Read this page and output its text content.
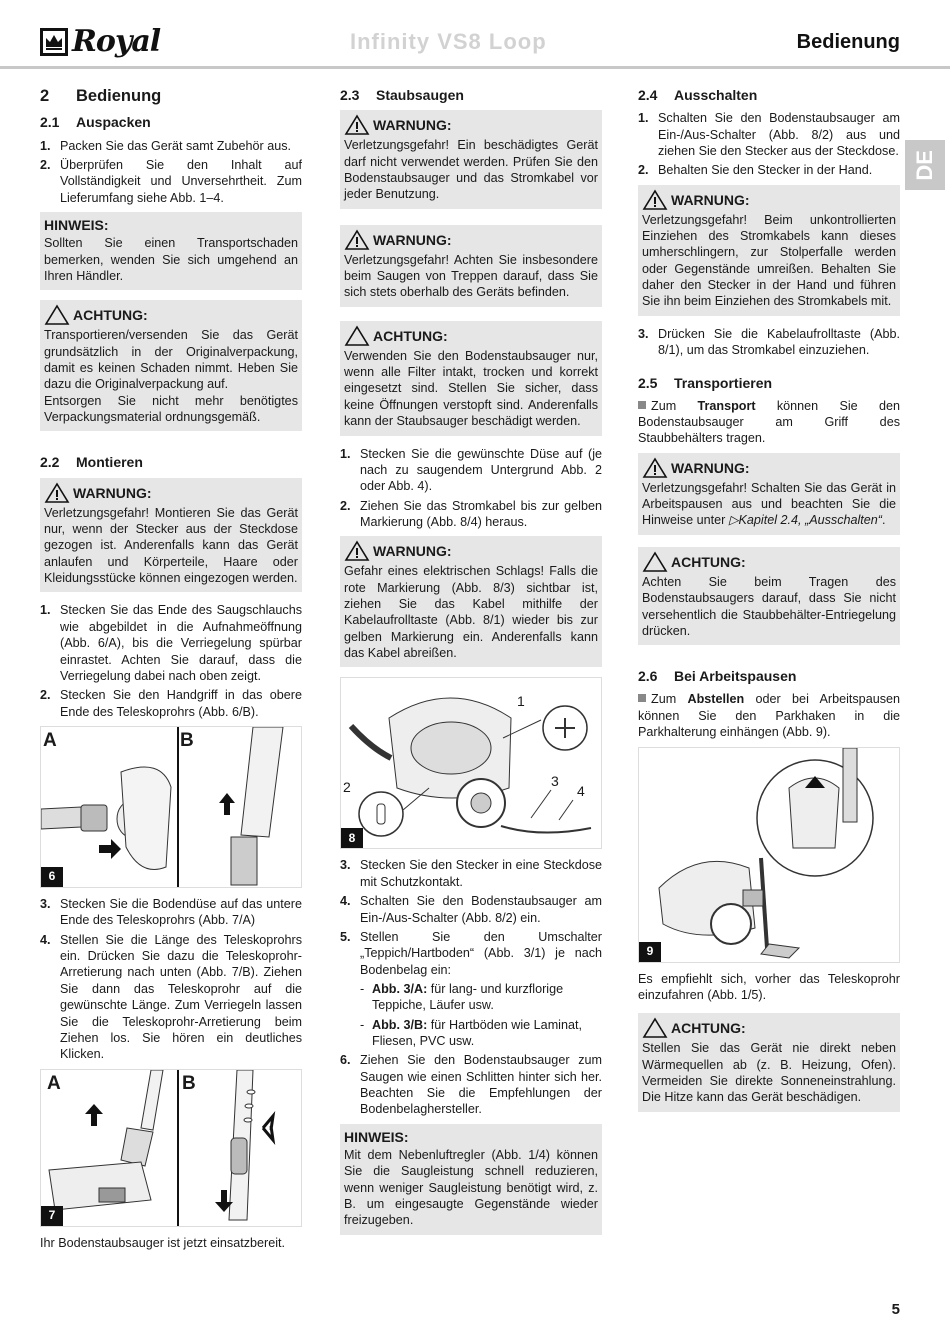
Royal	Infinity VS8 Loop	Bedienung
DE
2	Bedienung
2.1	Auspacken
1. Packen Sie das Gerät samt Zubehör aus.
2. Überprüfen Sie den Inhalt auf Vollständigkeit und Unversehrtheit. Zum Lieferumfang siehe Abb. 1–4.
HINWEIS:
Sollten Sie einen Transportschaden bemerken, wenden Sie sich umgehend an Ihren Händler.
ACHTUNG:
Transportieren/versenden Sie das Gerät grundsätzlich in der Originalverpackung, damit es keinen Schaden nimmt. Heben Sie dazu die Originalverpackung auf.
Entsorgen Sie nicht mehr benötigtes Verpackungsmaterial ordnungsgemäß.
2.2	Montieren
WARNUNG:
Verletzungsgefahr! Montieren Sie das Gerät nur, wenn der Stecker aus der Steckdose gezogen ist. Anderenfalls kann das Gerät anlaufen und Körperteile, Haare oder Kleidungsstücke können eingezogen werden.
1. Stecken Sie das Ende des Saugschlauchs wie abgebildet in die Aufnahmeöffnung (Abb. 6/A), bis die Verriegelung spürbar einrastet. Achten Sie darauf, dass die Verriegelung dabei nach oben zeigt.
2. Stecken Sie den Handgriff in das obere Ende des Teleskoprohrs (Abb. 6/B).
A	B
6
3. Stecken Sie die Bodendüse auf das untere Ende des Teleskoprohrs (Abb. 7/A)
4. Stellen Sie die Länge des Teleskoprohrs ein. Drücken Sie dazu die Teleskoprohr-Arretierung nach unten (Abb. 7/B). Ziehen Sie dann das Teleskoprohr auf die gewünschte Länge. Zum Verriegeln lassen Sie die Teleskoprohr-Arretierung beim Ziehen los. Sie hören ein deutliches Klicken.
A	B
7

Ihr Bodenstaubsauger ist jetzt einsatzbereit.

2.3	Staubsaugen
WARNUNG:
Verletzungsgefahr! Ein beschädigtes Gerät darf nicht verwendet werden. Prüfen Sie den Bodenstaubsauger und das Stromkabel vor jeder Benutzung.
WARNUNG:
Verletzungsgefahr! Achten Sie insbesondere beim Saugen von Treppen darauf, dass Sie sich stets oberhalb des Geräts befinden.
ACHTUNG:
Verwenden Sie den Bodenstaubsauger nur, wenn alle Filter intakt, trocken und korrekt eingesetzt sind. Stellen Sie sicher, dass keine Öffnungen verstopft sind. Anderenfalls kann der Staubsauger beschädigt werden.
1. Stecken Sie die gewünschte Düse auf (je nach zu saugendem Untergrund Abb. 2 oder Abb. 4).
2. Ziehen Sie das Stromkabel bis zur gelben Markierung (Abb. 8/4) heraus.
WARNUNG:
Gefahr eines elektrischen Schlags! Falls die rote Markierung (Abb. 8/3) sichtbar ist, ziehen Sie das Kabel mithilfe der Kabelaufrolltaste (Abb. 8/1) wieder bis zur gelben Markierung ein. Anderenfalls kann das Kabel abreißen.
1
2	3
4
8
3. Stecken Sie den Stecker in eine Steckdose mit Schutzkontakt.
4. Schalten Sie den Bodenstaubsauger am Ein-/Aus-Schalter (Abb. 8/2) ein.
5. Stellen Sie den Umschalter „Teppich/Hartboden“ (Abb. 3/1) je nach Bodenbelag ein:
- Abb. 3/A: für lang- und kurzflorige Teppiche, Läufer usw.
- Abb. 3/B: für Hartböden wie Laminat, Fliesen, PVC usw.
6. Ziehen Sie den Bodenstaubsauger zum Saugen wie einen Schlitten hinter sich her. Beachten Sie die Empfehlungen der Bodenbelaghersteller.
HINWEIS:
Mit dem Nebenluftregler (Abb. 1/4) können Sie die Saugleistung schnell reduzieren, wenn weniger Saugleistung benötigt wird, z. B. um eingesaugte Gegenstände wieder freizugeben.
2.4	Ausschalten
1. Schalten Sie den Bodenstaubsauger am Ein-/Aus-Schalter (Abb. 8/2) aus und ziehen Sie den Stecker aus der Steckdose.
2. Behalten Sie den Stecker in der Hand.
WARNUNG:
Verletzungsgefahr! Beim unkontrollierten Einziehen des Stromkabels kann dieses umherschlingern, zur Stolperfalle werden oder Gegenstände umreißen. Behalten Sie daher den Stecker in der Hand und führen Sie ihn beim Einziehen des Stromkabels mit.
3. Drücken Sie die Kabelaufrolltaste (Abb. 8/1), um das Stromkabel einzuziehen.
2.5	Transportieren

Zum Transport können Sie den Bodenstaubsauger am Griff des Staubbehälters tragen.

WARNUNG:
Verletzungsgefahr! Schalten Sie das Gerät in Arbeitspausen aus und beachten Sie die Hinweise unter ▷Kapitel 2.4, „Ausschalten“.
ACHTUNG:
Achten Sie beim Tragen des Bodenstaubsaugers darauf, dass Sie nicht versehentlich die Staubbehälter-Entriegelung drücken.
2.6	Bei Arbeitspausen

Zum Abstellen oder bei Arbeitspausen können Sie den Parkhaken in die Parkhalterung einhängen (Abb. 9).

9

Es empfiehlt sich, vorher das Teleskoprohr einzufahren (Abb. 1/5).

ACHTUNG:
Stellen Sie das Gerät nie direkt neben Wärmequellen ab (z. B. Heizung, Ofen). Vermeiden Sie direkte Sonneneinstrahlung. Die Hitze kann das Gerät beschädigen.
5
